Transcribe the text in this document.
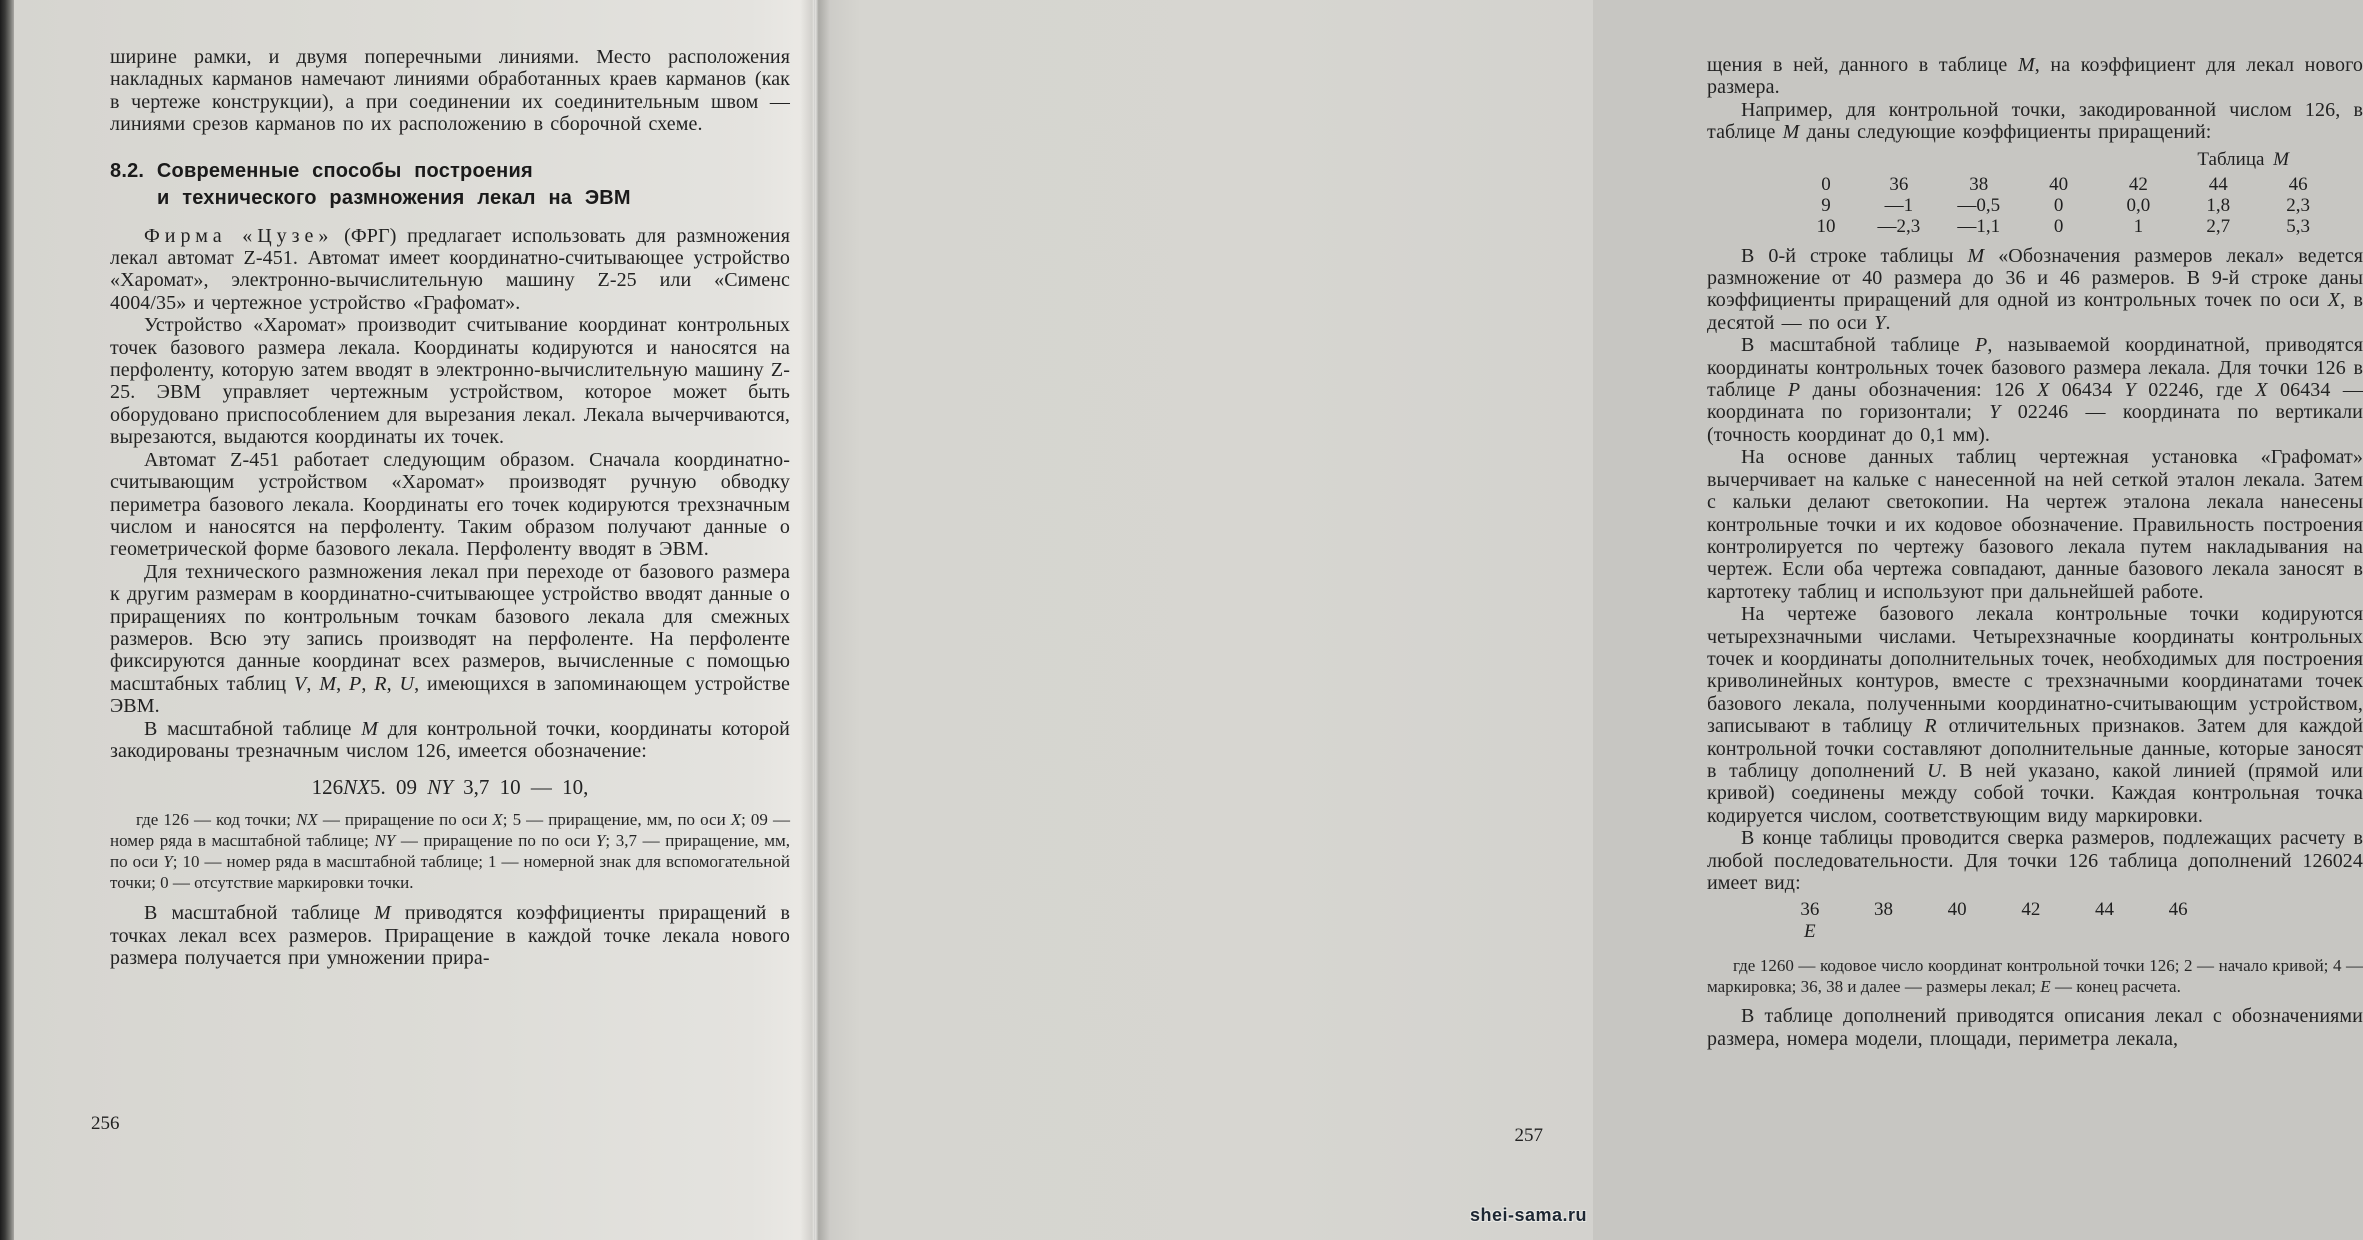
ширине рамки, и двумя поперечными линиями. Место расположения накладных карманов намечают линиями обработанных краев карманов (как в чертеже конструкции), а при соединении их соединительным швом — линиями срезов карманов по их расположению в сборочной схеме.

8.2. Современные способы построения
и технического размножения лекал на ЭВМ

Фирма «Цузе» (ФРГ) предлагает использовать для размножения лекал автомат Z-451. Автомат имеет координатно-считывающее устройство «Харомат», электронно-вычислительную машину Z-25 или «Сименс 4004/35» и чертежное устройство «Графомат».

Устройство «Харомат» производит считывание координат контрольных точек базового размера лекала. Координаты кодируются и наносятся на перфоленту, которую затем вводят в электронно-вычислительную машину Z-25. ЭВМ управляет чертежным устройством, которое может быть оборудовано приспособлением для вырезания лекал. Лекала вычерчиваются, вырезаются, выдаются координаты их точек.

Автомат Z-451 работает следующим образом. Сначала координатно-считывающим устройством «Харомат» производят ручную обводку периметра базового лекала. Координаты его точек кодируются трехзначным числом и наносятся на перфоленту. Таким образом получают данные о геометрической форме базового лекала. Перфоленту вводят в ЭВМ.

Для технического размножения лекал при переходе от базового размера к другим размерам в координатно-считывающее устройство вводят данные о приращениях по контрольным точкам базового лекала для смежных размеров. Всю эту запись производят на перфоленте. На перфоленте фиксируются данные координат всех размеров, вычисленные с помощью масштабных таблиц V, M, P, R, U, имеющихся в запоминающем устройстве ЭВМ.

В масштабной таблице М для контрольной точки, координаты которой закодированы трезначным числом 126, имеется обозначение:

126NX5. 09 NY 3,7 10 — 10,

где 126 — код точки; NX — приращение по оси X; 5 — приращение, мм, по оси X; 09 — номер ряда в масштабной таблице; NY — приращение по по оси Y; 3,7 — приращение, мм, по оси Y; 10 — номер ряда в масштабной таблице; 1 — номерной знак для вспомогательной точки; 0 — отсутствие маркировки точки.

В масштабной таблице М приводятся коэффициенты приращений в точках лекал всех размеров. Приращение в каждой точке лекала нового размера получается при умножении прира-

256

щения в ней, данного в таблице М, на коэффициент для лекал нового размера.

Например, для контрольной точки, закодированной числом 126, в таблице М даны следующие коэффициенты приращений:

Таблица М
0	36	38	40	42	44	46
9	—1	—0,5	0	0,0	1,8	2,3
10	—2,3	—1,1	0	1	2,7	5,3

В 0-й строке таблицы М «Обозначения размеров лекал» ведется размножение от 40 размера до 36 и 46 размеров. В 9-й строке даны коэффициенты приращений для одной из контрольных точек по оси X, в десятой — по оси Y.

В масштабной таблице Р, называемой координатной, приводятся координаты контрольных точек базового размера лекала. Для точки 126 в таблице Р даны обозначения: 126 X 06434 Y 02246, где X 06434 — координата по горизонтали; Y 02246 — координата по вертикали (точность координат до 0,1 мм).

На основе данных таблиц чертежная установка «Графомат» вычерчивает на кальке с нанесенной на ней сеткой эталон лекала. Затем с кальки делают светокопии. На чертеж эталона лекала нанесены контрольные точки и их кодовое обозначение. Правильность построения контролируется по чертежу базового лекала путем накладывания на чертеж. Если оба чертежа совпадают, данные базового лекала заносят в картотеку таблиц и используют при дальнейшей работе.

На чертеже базового лекала контрольные точки кодируются четырехзначными числами. Четырехзначные координаты контрольных точек и координаты дополнительных точек, необходимых для построения криволинейных контуров, вместе с трехзначными координатами точек базового лекала, полученными координатно-считывающим устройством, записывают в таблицу R отличительных признаков. Затем для каждой контрольной точки составляют дополнительные данные, которые заносят в таблицу дополнений U. В ней указано, какой линией (прямой или кривой) соединены между собой точки. Каждая контрольная точка кодируется числом, соответствующим виду маркировки.

В конце таблицы проводится сверка размеров, подлежащих расчету в любой последовательности. Для точки 126 таблица дополнений 126024 имеет вид:

36	38	40	42	44	46
Е

где 1260 — кодовое число координат контрольной точки 126; 2 — начало кривой; 4 — маркировка; 36, 38 и далее — размеры лекал; Е — конец расчета.

В таблице дополнений приводятся описания лекал с обозначениями размера, номера модели, площади, периметра лекала,

257
shei-sama.ru
